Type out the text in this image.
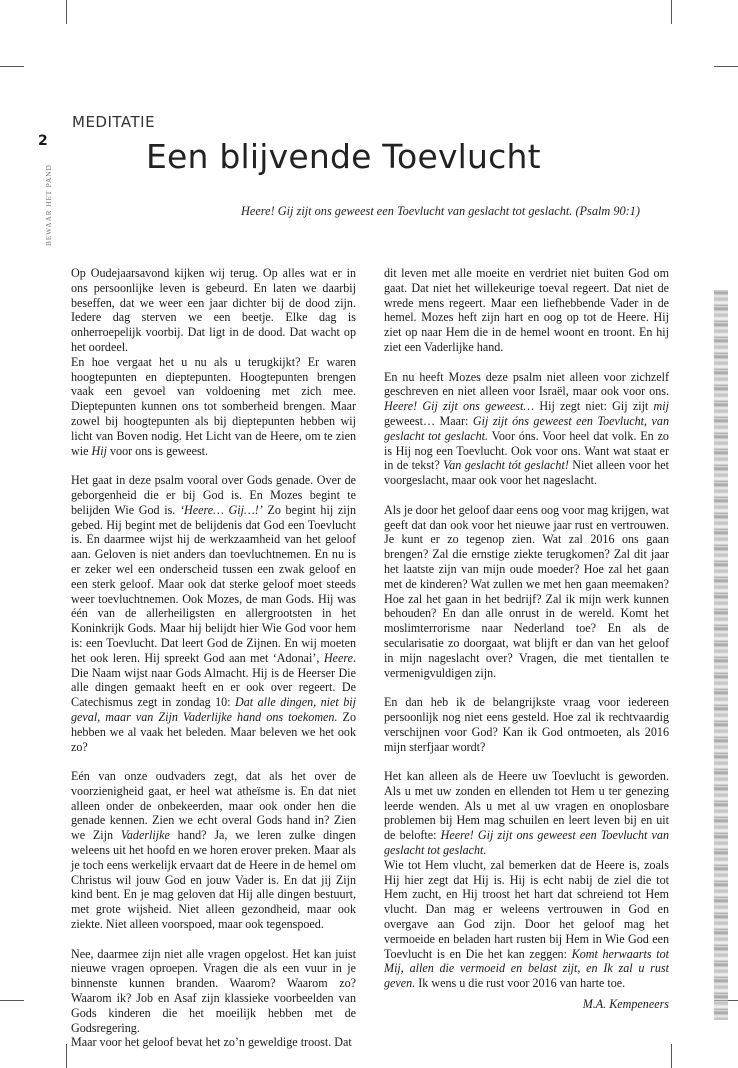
MEDITATIE
2
BEWAAR HET PAND
Een blijvende Toevlucht
Heere! Gij zijt ons geweest een Toevlucht van geslacht tot geslacht. (Psalm 90:1)

Op Oudejaarsavond kijken wij terug. Op alles wat er in ons persoonlijke leven is gebeurd. En laten we daarbij beseffen, dat we weer een jaar dichter bij de dood zijn. Iedere dag sterven we een beetje. Elke dag is onherroepelijk voorbij. Dat ligt in de dood. Dat wacht op het oordeel.

En hoe vergaat het u nu als u terugkijkt? Er waren hoogtepunten en dieptepunten. Hoogtepunten brengen vaak een gevoel van voldoening met zich mee. Dieptepunten kunnen ons tot somberheid brengen. Maar zowel bij hoogtepunten als bij dieptepunten hebben wij licht van Boven nodig. Het Licht van de Heere, om te zien wie Hij voor ons is geweest.

Het gaat in deze psalm vooral over Gods genade. Over de geborgenheid die er bij God is. En Mozes begint te belijden Wie God is. ‘Heere… Gij…!’ Zo begint hij zijn gebed. Hij begint met de belijdenis dat God een Toevlucht is. En daarmee wijst hij de werkzaamheid van het geloof aan. Geloven is niet anders dan toevluchtnemen. En nu is er zeker wel een onderscheid tussen een zwak geloof en een sterk geloof. Maar ook dat sterke geloof moet steeds weer toevluchtnemen. Ook Mozes, de man Gods. Hij was één van de allerheiligsten en allergrootsten in het Koninkrijk Gods. Maar hij belijdt hier Wie God voor hem is: een Toevlucht. Dat leert God de Zijnen. En wij moeten het ook leren. Hij spreekt God aan met ‘Adonai’, Heere. Die Naam wijst naar Gods Almacht. Hij is de Heerser Die alle dingen gemaakt heeft en er ook over regeert. De Catechismus zegt in zondag 10: Dat alle dingen, niet bij geval, maar van Zijn Vaderlijke hand ons toekomen. Zo hebben we al vaak het beleden. Maar beleven we het ook zo?

Eén van onze oudvaders zegt, dat als het over de voorzienigheid gaat, er heel wat atheïsme is. En dat niet alleen onder de onbekeerden, maar ook onder hen die genade kennen. Zien we echt overal Gods hand in? Zien we Zijn Vaderlijke hand? Ja, we leren zulke dingen weleens uit het hoofd en we horen erover preken. Maar als je toch eens werkelijk ervaart dat de Heere in de hemel om Christus wil jouw God en jouw Vader is. En dat jij Zijn kind bent. En je mag geloven dat Hij alle dingen bestuurt, met grote wijsheid. Niet alleen gezondheid, maar ook ziekte. Niet alleen voorspoed, maar ook tegenspoed.

Nee, daarmee zijn niet alle vragen opgelost. Het kan juist nieuwe vragen oproepen. Vragen die als een vuur in je binnenste kunnen branden. Waarom? Waarom zo? Waarom ik? Job en Asaf zijn klassieke voorbeelden van Gods kinderen die het moeilijk hebben met de Godsregering.

Maar voor het geloof bevat het zo’n geweldige troost. Dat

dit leven met alle moeite en verdriet niet buiten God om gaat. Dat niet het willekeurige toeval regeert. Dat niet de wrede mens regeert. Maar een liefhebbende Vader in de hemel. Mozes heft zijn hart en oog op tot de Heere. Hij ziet op naar Hem die in de hemel woont en troont. En hij ziet een Vaderlijke hand.

En nu heeft Mozes deze psalm niet alleen voor zichzelf geschreven en niet alleen voor Israël, maar ook voor ons. Heere! Gij zijt ons geweest… Hij zegt niet: Gij zijt mij geweest… Maar: Gij zijt óns geweest een Toevlucht, van geslacht tot geslacht. Voor óns. Voor heel dat volk. En zo is Hij nog een Toevlucht. Ook voor ons. Want wat staat er in de tekst? Van geslacht tót geslacht! Niet alleen voor het voorgeslacht, maar ook voor het nageslacht.

Als je door het geloof daar eens oog voor mag krijgen, wat geeft dat dan ook voor het nieuwe jaar rust en vertrouwen. Je kunt er zo tegenop zien. Wat zal 2016 ons gaan brengen? Zal die ernstige ziekte terugkomen? Zal dit jaar het laatste zijn van mijn oude moeder? Hoe zal het gaan met de kinderen? Wat zullen we met hen gaan meemaken? Hoe zal het gaan in het bedrijf? Zal ik mijn werk kunnen behouden? En dan alle onrust in de wereld. Komt het moslimterrorisme naar Nederland toe? En als de secularisatie zo doorgaat, wat blijft er dan van het geloof in mijn nageslacht over? Vragen, die met tientallen te vermenigvuldigen zijn.

En dan heb ik de belangrijkste vraag voor iedereen persoonlijk nog niet eens gesteld. Hoe zal ik rechtvaardig verschijnen voor God? Kan ik God ontmoeten, als 2016 mijn sterfjaar wordt?

Het kan alleen als de Heere uw Toevlucht is geworden. Als u met uw zonden en ellenden tot Hem u ter genezing leerde wenden. Als u met al uw vragen en onoplosbare problemen bij Hem mag schuilen en leert leven bij en uit de belofte: Heere! Gij zijt ons geweest een Toevlucht van geslacht tot geslacht.

Wie tot Hem vlucht, zal bemerken dat de Heere is, zoals Hij hier zegt dat Hij is. Hij is echt nabij de ziel die tot Hem zucht, en Hij troost het hart dat schreiend tot Hem vlucht. Dan mag er weleens vertrouwen in God en overgave aan God zijn. Door het geloof mag het vermoeide en beladen hart rusten bij Hem in Wie God een Toevlucht is en Die het kan zeggen: Komt herwaarts tot Mij, allen die vermoeid en belast zijt, en Ik zal u rust geven. Ik wens u die rust voor 2016 van harte toe.

M.A. Kempeneers
